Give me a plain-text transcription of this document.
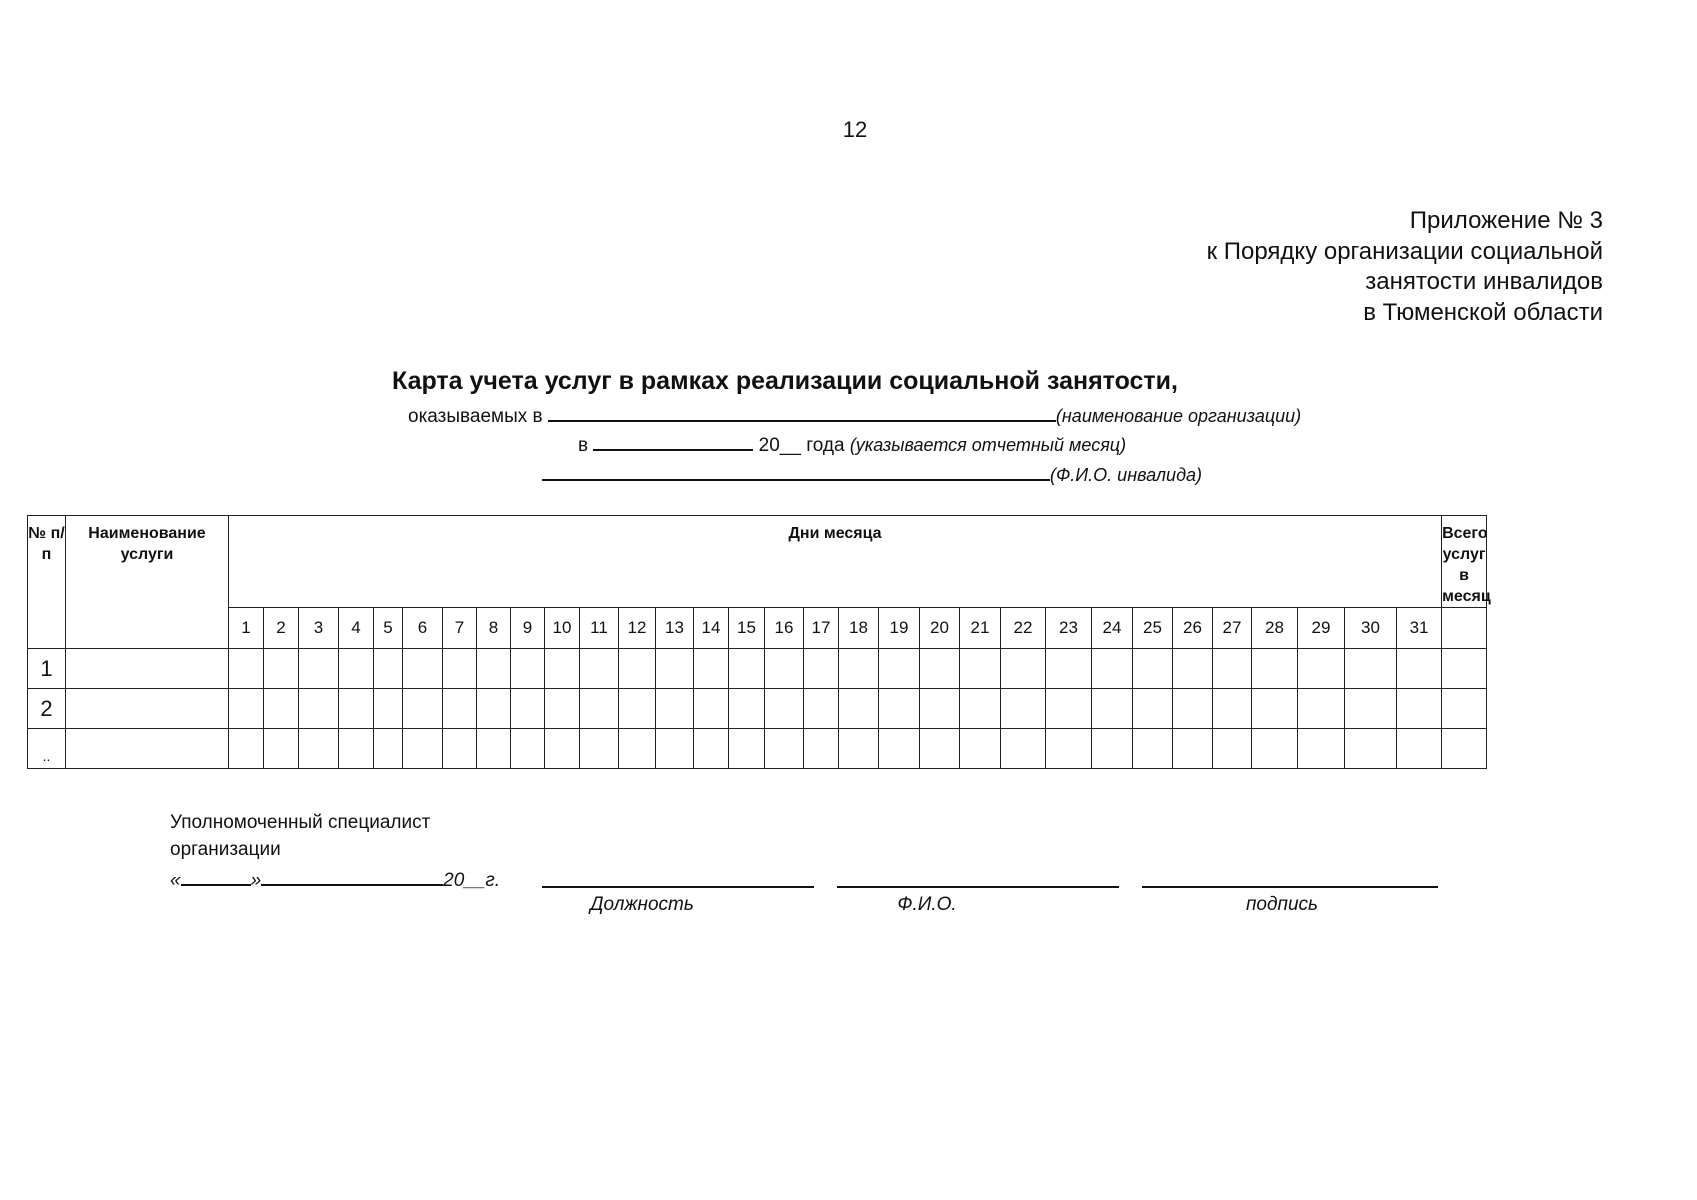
12
Приложение № 3
к Порядку организации социальной
занятости инвалидов
в Тюменской области
Карта учета услуг в рамках реализации социальной занятости,
оказываемых в	(наименование организации)
в	20__ года (указывается отчетный месяц)
(Ф.И.О. инвалида)
№ п/ п	Наименование услуги	Дни месяца																															Всего услуг в месяц
		1	2	3	4	5	6	7	8	9	10	11	12	13	14	15	16	17	18	19	20	21	22	23	24	25	26	27	28	29	30	31	
1																																	
2																																	
..																																	
Уполномоченный специалист
организации
«	»	20__г.
Должность	Ф.И.О.	подпись
